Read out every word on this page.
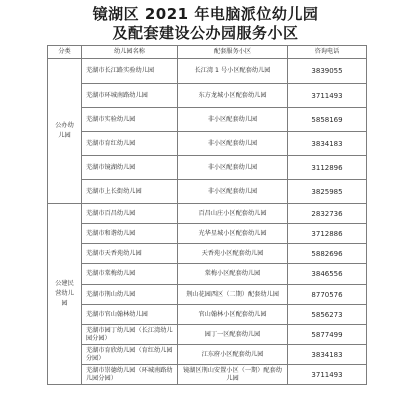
镜湖区 2021 年电脑派位幼儿园
及配套建设公办园服务小区
分类	幼儿园名称	配套服务小区	咨询电话
公办幼儿园	芜湖市长江路实验幼儿园	长江湾 1 号小区配套幼儿园	3839055
	芜湖市环城南路幼儿园	东方龙城小区配套幼儿园	3711493
	芜湖市实验幼儿园	非小区配套幼儿园	5858169
	芜湖市育红幼儿园	非小区配套幼儿园	3834183
	芜湖市镜湖幼儿园	非小区配套幼儿园	3112896
	芜湖市上长街幼儿园	非小区配套幼儿园	3825985
公建民营幼儿园	芜湖市百昌幼儿园	百昌山庄小区配套幼儿园	2832736
	芜湖市和谐幼儿园	光华星城小区配套幼儿园	3712886
	芜湖市天香苑幼儿园	天香苑小区配套幼儿园	5882696
	芜湖市棠梅幼儿园	棠梅小区配套幼儿园	3846556
	芜湖市荆山幼儿园	荆山花园西区（二期）配套幼儿园	8770576
	芜湖市官山翰林幼儿园	官山翰林小区配套幼儿园	5856273
	芜湖市园丁幼儿园（长江湾幼儿园分园）	园丁一区配套幼儿园	5877499
	芜湖市育欣幼儿园（育红幼儿园分园）	江东府小区配套幼儿园	3834183
	芜湖市崇德幼儿园（环城南路幼儿园分园）	镜湖区荆山安置小区（一期）配套幼儿园	3711493
